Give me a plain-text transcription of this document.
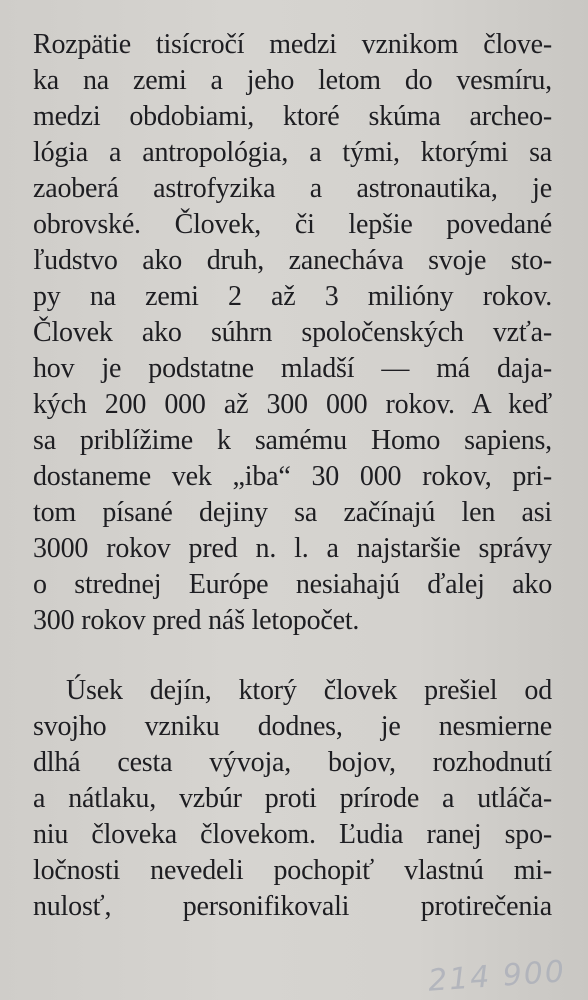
Rozpätie tisícročí medzi vznikom člove-
ka na zemi a jeho letom do vesmíru,
medzi obdobiami, ktoré skúma archeo-
lógia a antropológia, a tými, ktorými sa
zaoberá astrofyzika a astronautika, je
obrovské. Človek, či lepšie povedané
ľudstvo ako druh, zanecháva svoje sto-
py na zemi 2 až 3 milióny rokov.
Človek ako súhrn spoločenských vzťa-
hov je podstatne mladší — má daja-
kých 200 000 až 300 000 rokov. A keď
sa priblížime k samému Homo sapiens,
dostaneme vek „iba“ 30 000 rokov, pri-
tom písané dejiny sa začínajú len asi
3000 rokov pred n. l. a najstaršie správy
o strednej Európe nesiahajú ďalej ako
300 rokov pred náš letopočet.
Úsek dejín, ktorý človek prešiel od
svojho vzniku dodnes, je nesmierne
dlhá cesta vývoja, bojov, rozhodnutí
a nátlaku, vzbúr proti prírode a utláča-
niu človeka človekom. Ľudia ranej spo-
ločnosti nevedeli pochopiť vlastnú mi-
nulosť, personifikovali protirečenia
214 900
